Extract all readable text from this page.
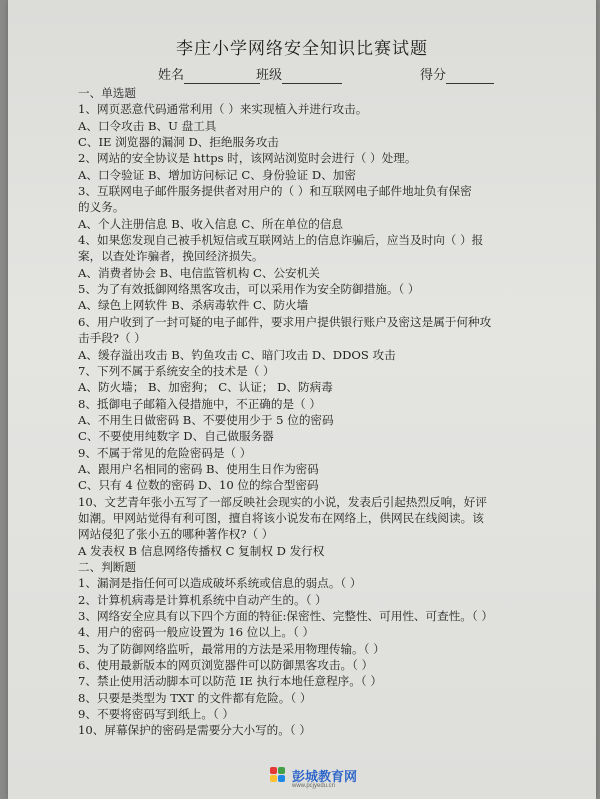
李庄小学网络安全知识比赛试题
姓名	班级	得分
一、单选题
1、网页恶意代码通常利用（ ）来实现植入并进行攻击。
A、口令攻击 B、U 盘工具
C、IE 浏览器的漏洞 D、拒绝服务攻击
2、网站的安全协议是 https 时，该网站浏览时会进行（ ）处理。
A、口令验证 B、增加访问标记 C、身份验证 D、加密
3、互联网电子邮件服务提供者对用户的（ ）和互联网电子邮件地址负有保密
的义务。
A、个人注册信息 B、收入信息 C、所在单位的信息
4、如果您发现自己被手机短信或互联网站上的信息诈骗后，应当及时向（ ）报
案，以查处诈骗者，挽回经济损失。
A、消费者协会 B、电信监管机构 C、公安机关
5、为了有效抵御网络黑客攻击，可以采用作为安全防御措施。（ ）
A、绿色上网软件 B、杀病毒软件 C、防火墙
6、用户收到了一封可疑的电子邮件，要求用户提供银行账户及密这是属于何种攻
击手段?（ ）
A、缓存溢出攻击 B、钓鱼攻击 C、暗门攻击 D、DDOS 攻击
7、下列不属于系统安全的技术是（ ）
A、防火墙； B、加密狗； C、认证； D、防病毒
8、抵御电子邮箱入侵措施中，不正确的是（ ）
A、不用生日做密码 B、不要使用少于 5 位的密码
C、不要使用纯数字 D、自己做服务器
9、不属于常见的危险密码是（ ）
A、跟用户名相同的密码 B、使用生日作为密码
C、只有 4 位数的密码 D、10 位的综合型密码
10、文艺青年张小五写了一部反映社会现实的小说，发表后引起热烈反响，好评
如潮。甲网站觉得有利可图，擅自将该小说发布在网络上，供网民在线阅读。该
网站侵犯了张小五的哪种著作权?（ ）
A 发表权 B 信息网络传播权 C 复制权 D 发行权
二、判断题
1、漏洞是指任何可以造成破坏系统或信息的弱点。（ ）
2、计算机病毒是计算机系统中自动产生的。（ ）
3、网络安全应具有以下四个方面的特征:保密性、完整性、可用性、可查性。（ ）
4、用户的密码一般应设置为 16 位以上。（ ）
5、为了防御网络监听，最常用的方法是采用物理传输。（ ）
6、使用最新版本的网页浏览器件可以防御黑客攻击。（ ）
7、禁止使用活动脚本可以防范 IE 执行本地任意程序。（ ）
8、只要是类型为 TXT 的文件都有危险。（ ）
9、不要将密码写到纸上。（ ）
10、屏幕保护的密码是需要分大小写的。（ ）
彭城教育网
www.pcjyedu.cn
